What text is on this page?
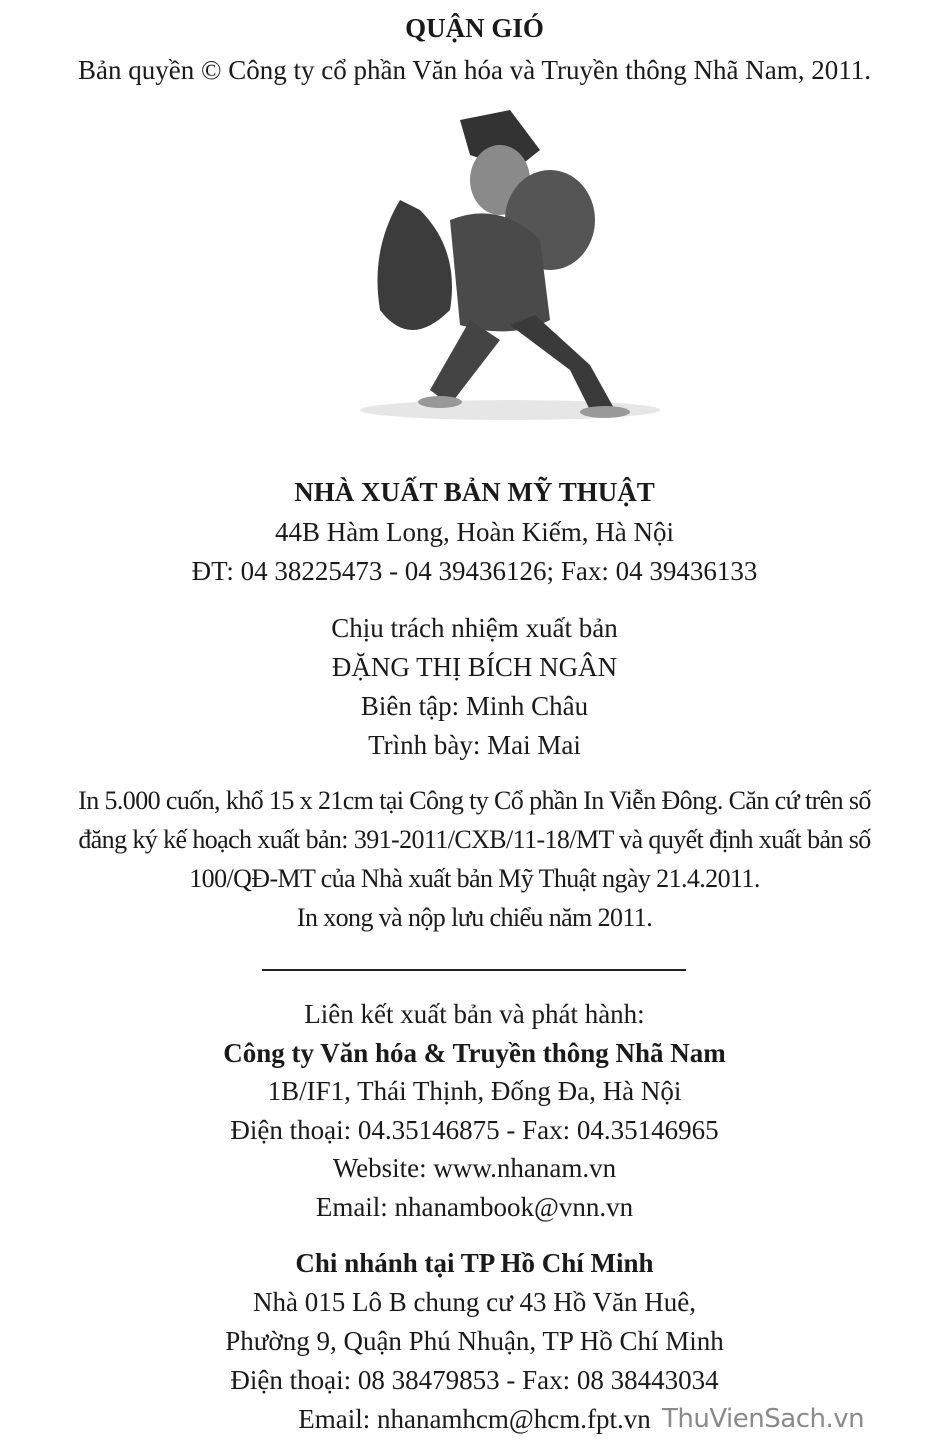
QUẬN GIÓ
Bản quyền © Công ty cổ phần Văn hóa và Truyền thông Nhã Nam, 2011.
NHÀ XUẤT BẢN MỸ THUẬT
44B Hàm Long, Hoàn Kiếm, Hà Nội
ĐT: 04 38225473 - 04 39436126; Fax: 04 39436133
Chịu trách nhiệm xuất bản
ĐẶNG THỊ BÍCH NGÂN
Biên tập: Minh Châu
Trình bày: Mai Mai
In 5.000 cuốn, khổ 15 x 21cm tại Công ty Cổ phần In Viễn Đông. Căn cứ trên số
đăng ký kế hoạch xuất bản: 391-2011/CXB/11-18/MT và quyết định xuất bản số
100/QĐ-MT của Nhà xuất bản Mỹ Thuật ngày 21.4.2011.
In xong và nộp lưu chiểu năm 2011.
Liên kết xuất bản và phát hành:
Công ty Văn hóa & Truyền thông Nhã Nam
1B/IF1, Thái Thịnh, Đống Đa, Hà Nội
Điện thoại: 04.35146875 - Fax: 04.35146965
Website: www.nhanam.vn
Email: nhanambook@vnn.vn
Chi nhánh tại TP Hồ Chí Minh
Nhà 015 Lô B chung cư 43 Hồ Văn Huê,
Phường 9, Quận Phú Nhuận, TP Hồ Chí Minh
Điện thoại: 08 38479853 - Fax: 08 38443034
Email: nhanamhcm@hcm.fpt.vn ThuVienSach.vn
